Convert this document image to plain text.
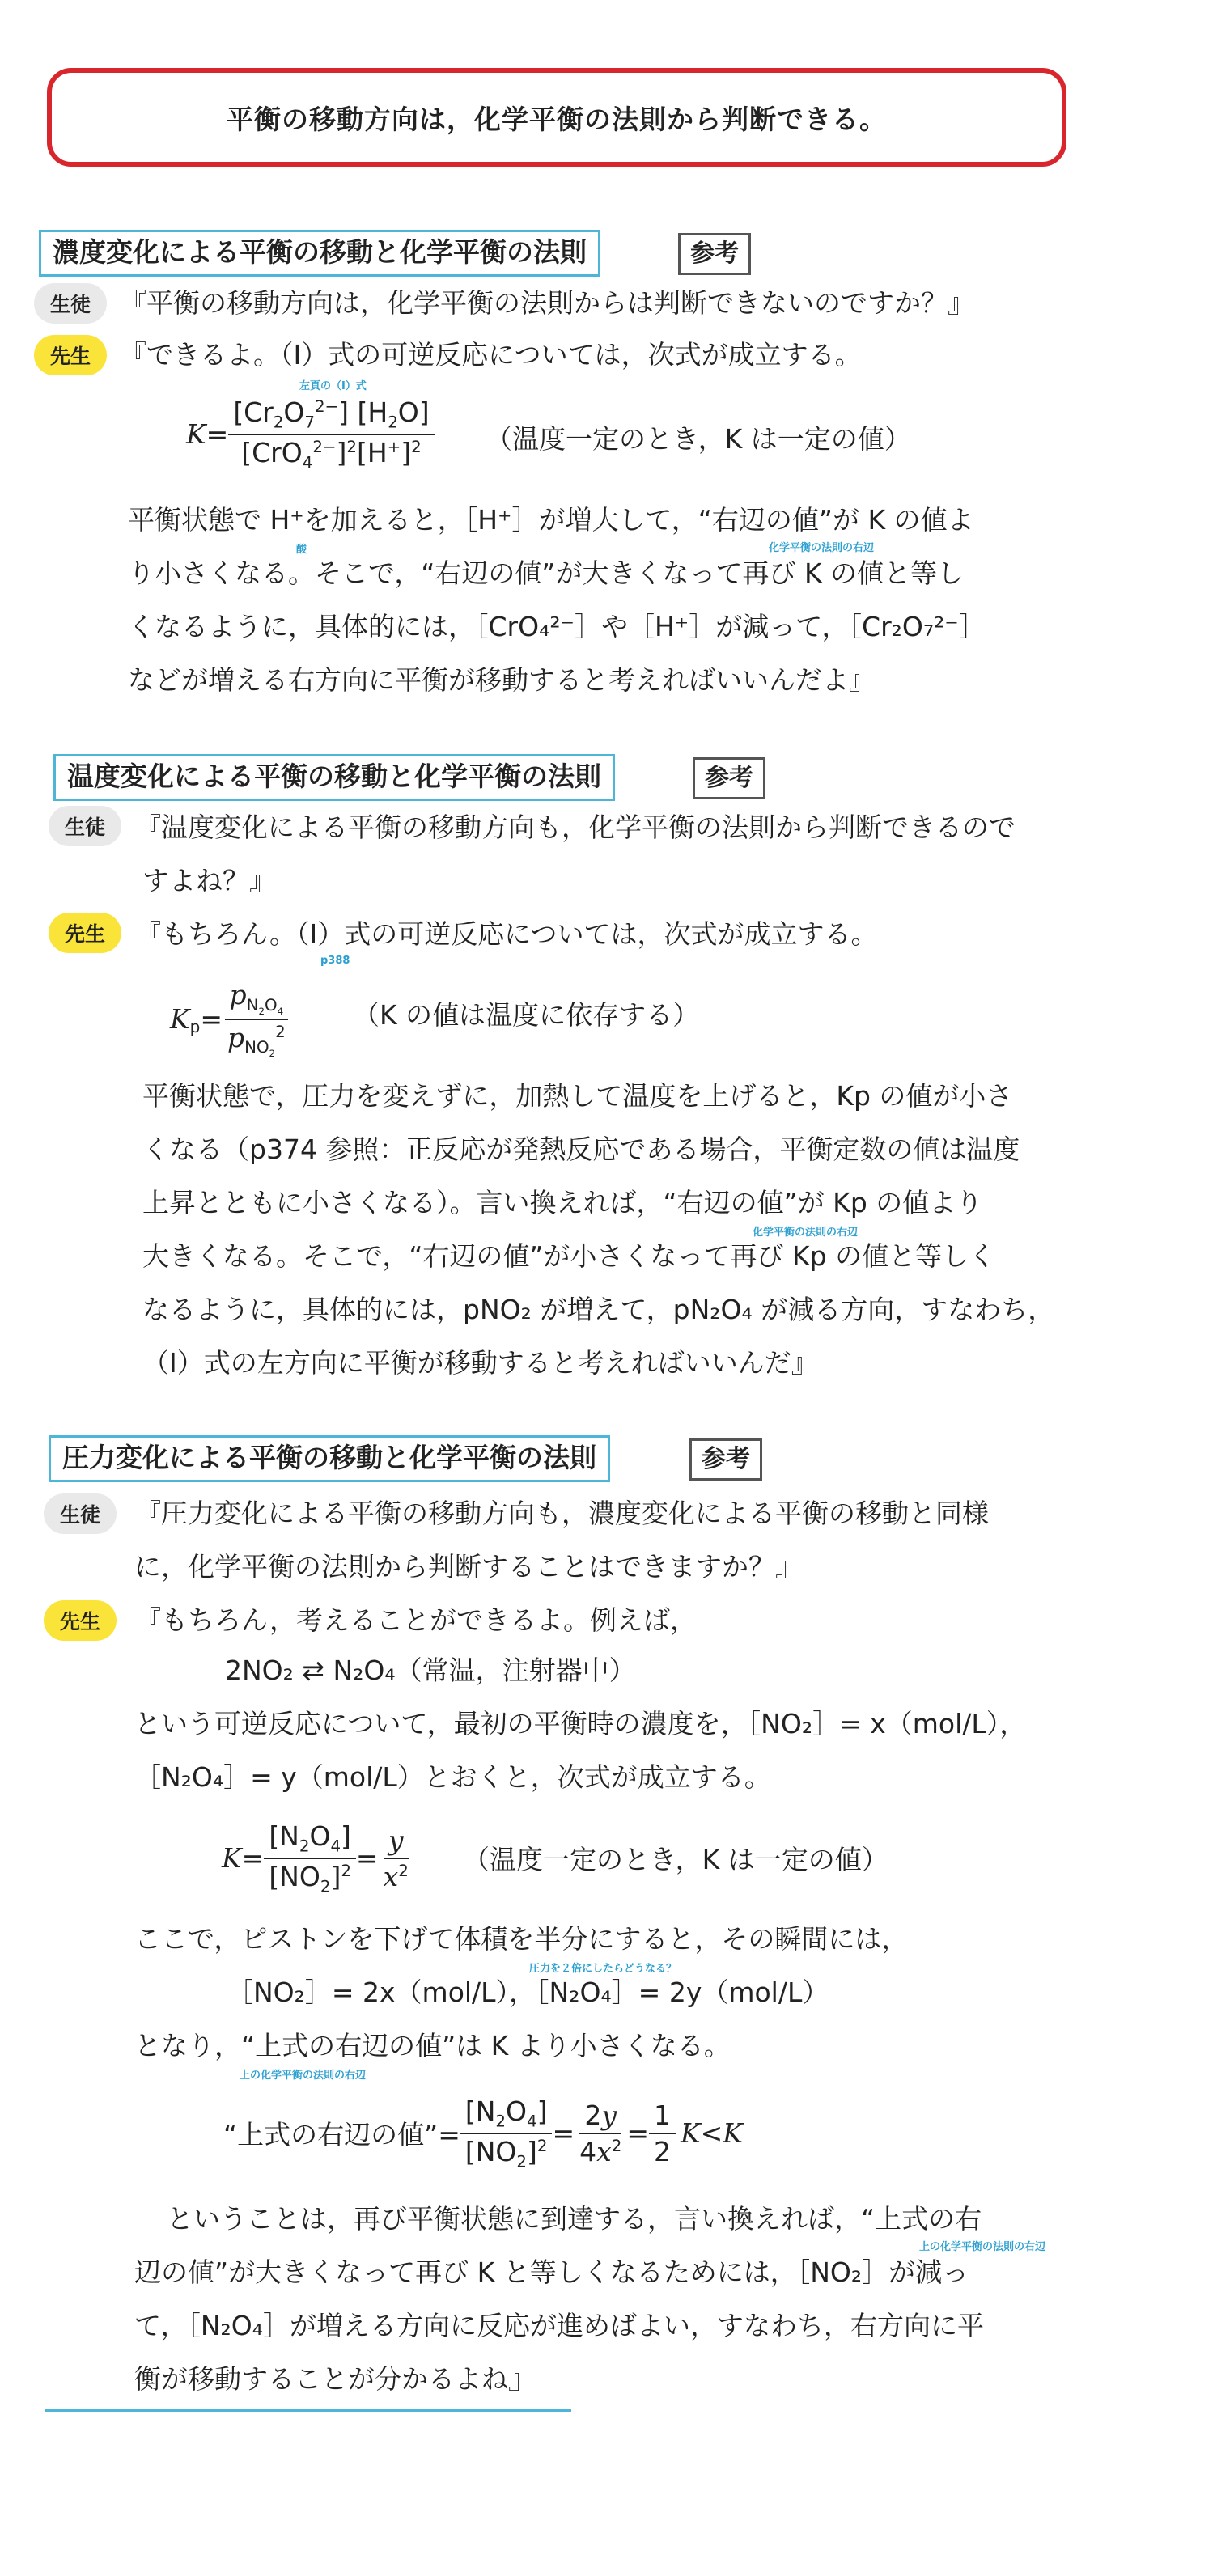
平衡の移動方向は，化学平衡の法則から判断できる。
濃度変化による平衡の移動と化学平衡の法則	参考
生徒	『平衡の移動方向は，化学平衡の法則からは判断できないのですか？』
先生	『できるよ。（Ⅰ）式の可逆反応については，次式が成立する。
左頁の（Ⅰ）式
$K = \frac{[Cr_2O_7^{2-}] [H_2O]}{[CrO_4^{2-}]^2[H^+]^2}$ （温度一定のとき，K は一定の値）
平衡状態で H⁺を加えると，［H⁺］が増大して，“右辺の値”が K の値よ
酸	化学平衡の法則の右辺
り小さくなる。そこで，“右辺の値”が大きくなって再び K の値と等し
くなるように，具体的には，［CrO₄²⁻］や［H⁺］が減って，［Cr₂O₇²⁻］
などが増える右方向に平衡が移動すると考えればいいんだよ』
温度変化による平衡の移動と化学平衡の法則	参考
生徒	『温度変化による平衡の移動方向も，化学平衡の法則から判断できるので
すよね？』
先生	『もちろん。（Ⅰ）式の可逆反応については，次式が成立する。
p388
$K_p = \frac{p_{N_2O_4}}{p_{NO_2}^2} (K$ の値は温度に依存する）
平衡状態で，圧力を変えずに，加熱して温度を上げると，Kp の値が小さ
くなる（p374 参照：正反応が発熱反応である場合，平衡定数の値は温度
上昇とともに小さくなる）。言い換えれば，“右辺の値”が Kp の値より
化学平衡の法則の右辺
大きくなる。そこで，“右辺の値”が小さくなって再び Kp の値と等しく
なるように，具体的には，pNO₂ が増えて，pN₂O₄ が減る方向，すなわち，
（Ⅰ）式の左方向に平衡が移動すると考えればいいんだ』
圧力変化による平衡の移動と化学平衡の法則	参考
生徒	『圧力変化による平衡の移動方向も，濃度変化による平衡の移動と同様
に，化学平衡の法則から判断することはできますか？』
先生	『もちろん，考えることができるよ。例えば，
2NO₂ ⇄ N₂O₄（常温，注射器中）
という可逆反応について，最初の平衡時の濃度を，［NO₂］= x（mol/L），
［N₂O₄］= y（mol/L）とおくと，次式が成立する。
$K = \frac{[N_2O_4]}{[NO_2]^2} = \frac{y}{x^2}$ （温度一定のとき，K は一定の値）
ここで，ピストンを下げて体積を半分にすると，その瞬間には，
圧力を２倍にしたらどうなる？
［NO₂］= 2x（mol/L），［N₂O₄］= 2y（mol/L）
となり，“上式の右辺の値”は K より小さくなる。
上の化学平衡の法則の右辺
“上式の右辺の値”= $\frac{[N_2O_4]}{[NO_2]^2} = \frac{2y}{4x^2} = \frac{1}{2}$ K < K
ということは，再び平衡状態に到達する，言い換えれば，“上式の右
上の化学平衡の法則の右辺
辺の値”が大きくなって再び K と等しくなるためには，［NO₂］が減っ
て，［N₂O₄］が増える方向に反応が進めばよい，すなわち，右方向に平
衡が移動することが分かるよね』
